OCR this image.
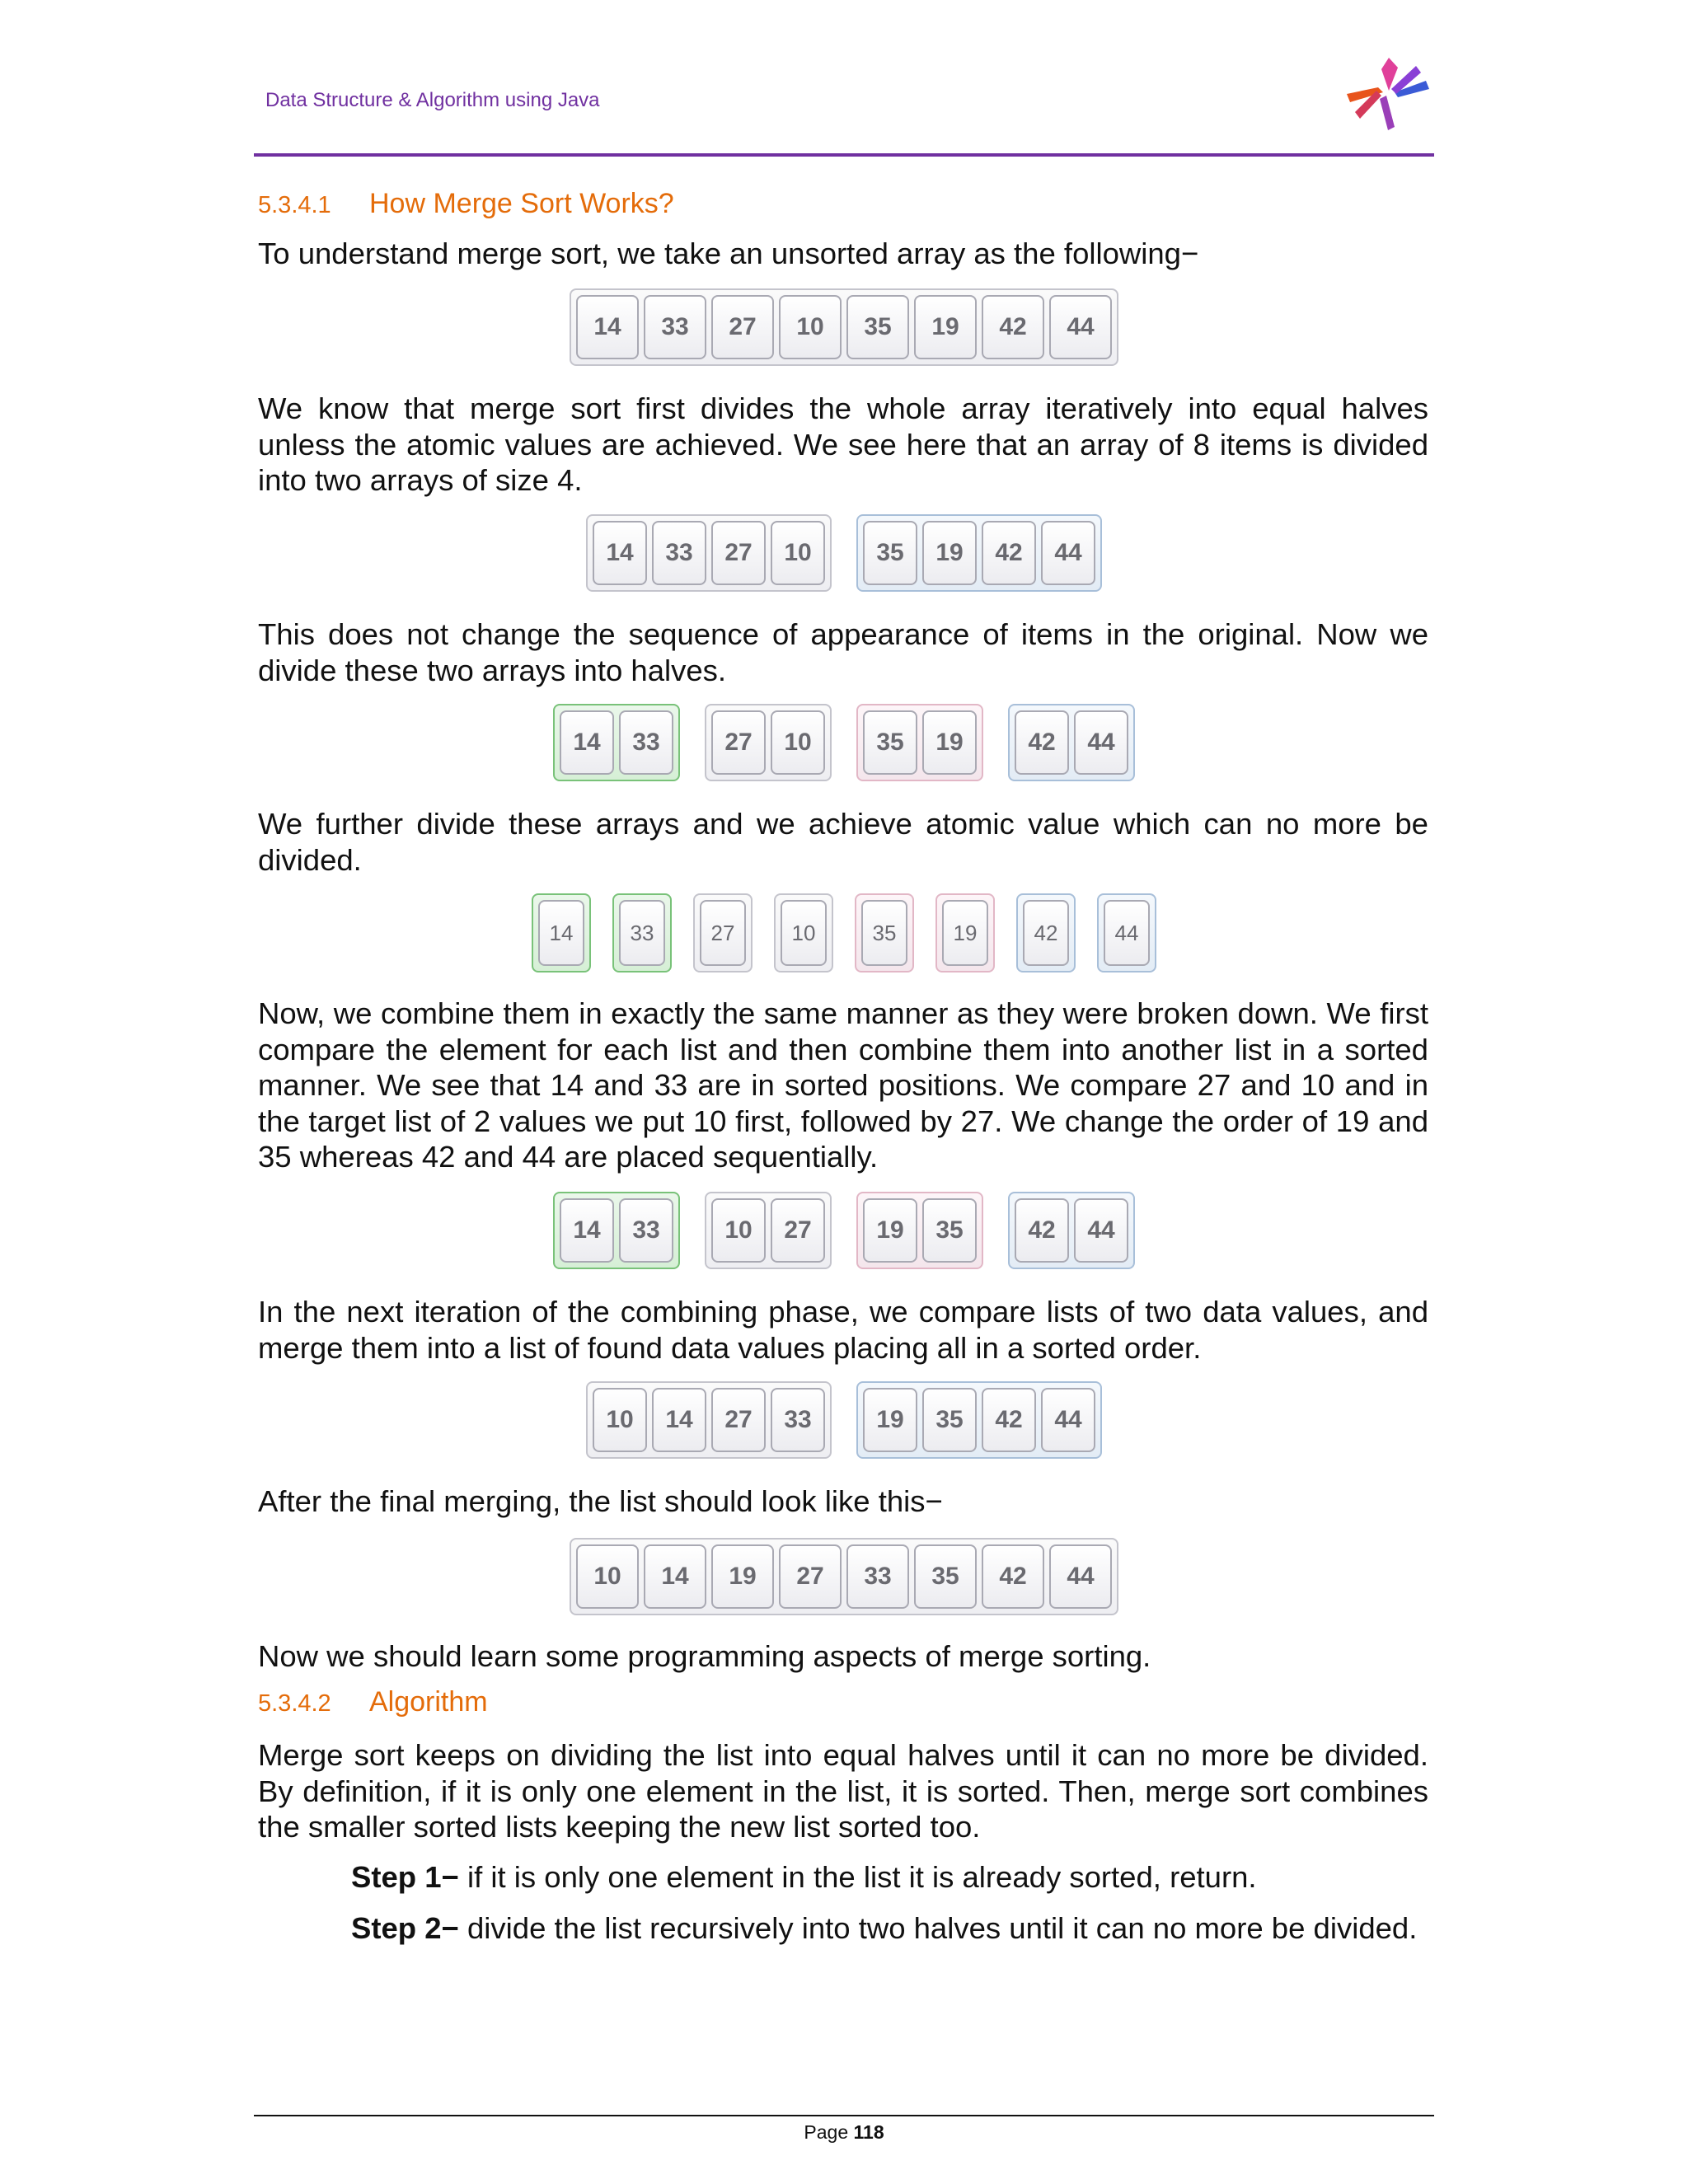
Data Structure & Algorithm using Java
5.3.4.1 How Merge Sort Works?
To understand merge sort, we take an unsorted array as the following−
14	33	27	10	35	19	42	44
We know that merge sort first divides the whole array iteratively into equal halves unless the atomic values are achieved. We see here that an array of 8 items is divided into two arrays of size 4.
14	33	27	10	35	19	42	44
This does not change the sequence of appearance of items in the original. Now we divide these two arrays into halves.
14	33	27	10	35	19	42	44
We further divide these arrays and we achieve atomic value which can no more be divided.
14	33	27	10	35	19	42	44
Now, we combine them in exactly the same manner as they were broken down. We first compare the element for each list and then combine them into another list in a sorted manner. We see that 14 and 33 are in sorted positions. We compare 27 and 10 and in the target list of 2 values we put 10 first, followed by 27. We change the order of 19 and 35 whereas 42 and 44 are placed sequentially.
14	33	10	27	19	35	42	44
In the next iteration of the combining phase, we compare lists of two data values, and merge them into a list of found data values placing all in a sorted order.
10	14	27	33	19	35	42	44
After the final merging, the list should look like this−
10	14	19	27	33	35	42	44
Now we should learn some programming aspects of merge sorting.
5.3.4.2 Algorithm
Merge sort keeps on dividing the list into equal halves until it can no more be divided. By definition, if it is only one element in the list, it is sorted. Then, merge sort combines the smaller sorted lists keeping the new list sorted too.
Step 1− if it is only one element in the list it is already sorted, return.
Step 2− divide the list recursively into two halves until it can no more be divided.
Page 118
